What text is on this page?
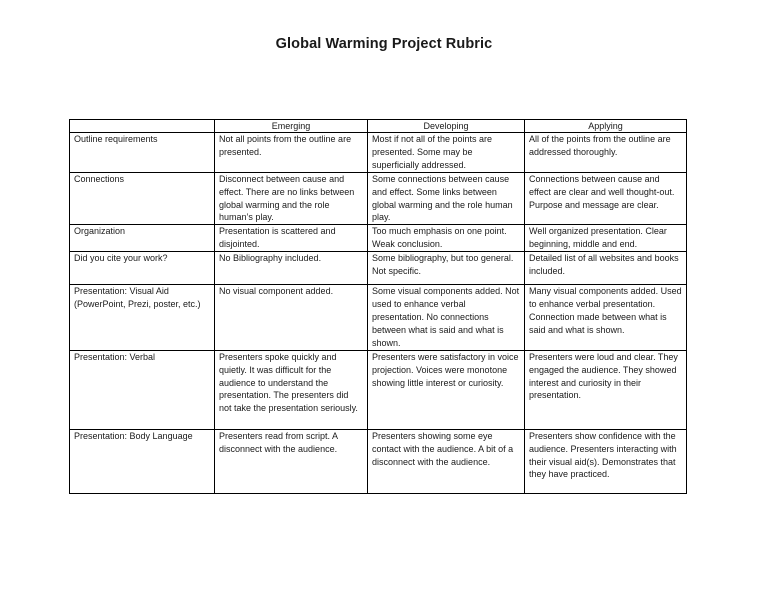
Global Warming Project Rubric
	Emerging	Developing	Applying
Outline requirements	Not all points from the outline are presented.	Most if not all of the points are presented. Some may be superficially addressed.	All of the points from the outline are addressed thoroughly.
Connections	Disconnect between cause and effect. There are no links between global warming and the role human’s play.	Some connections between cause and effect. Some links between global warming and the role human play.	Connections between cause and effect are clear and well thought-out. Purpose and message are clear.
Organization	Presentation is scattered and disjointed.	Too much emphasis on one point. Weak conclusion.	Well organized presentation. Clear beginning, middle and end.
Did you cite your work?	No Bibliography included.	Some bibliography, but too general. Not specific.	Detailed list of all websites and books included.
Presentation: Visual Aid (PowerPoint, Prezi, poster, etc.)	No visual component added.	Some visual components added. Not used to enhance verbal presentation. No connections between what is said and what is shown.	Many visual components added. Used to enhance verbal presentation. Connection made between what is said and what is shown.
Presentation: Verbal	Presenters spoke quickly and quietly. It was difficult for the audience to understand the presentation. The presenters did not take the presentation seriously.	Presenters were satisfactory in voice projection. Voices were monotone showing little interest or curiosity.	Presenters were loud and clear. They engaged the audience. They showed interest and curiosity in their presentation.
Presentation: Body Language	Presenters read from script. A disconnect with the audience.	Presenters showing some eye contact with the audience. A bit of a disconnect with the audience.	Presenters show confidence with the audience. Presenters interacting with their visual aid(s). Demonstrates that they have practiced.
